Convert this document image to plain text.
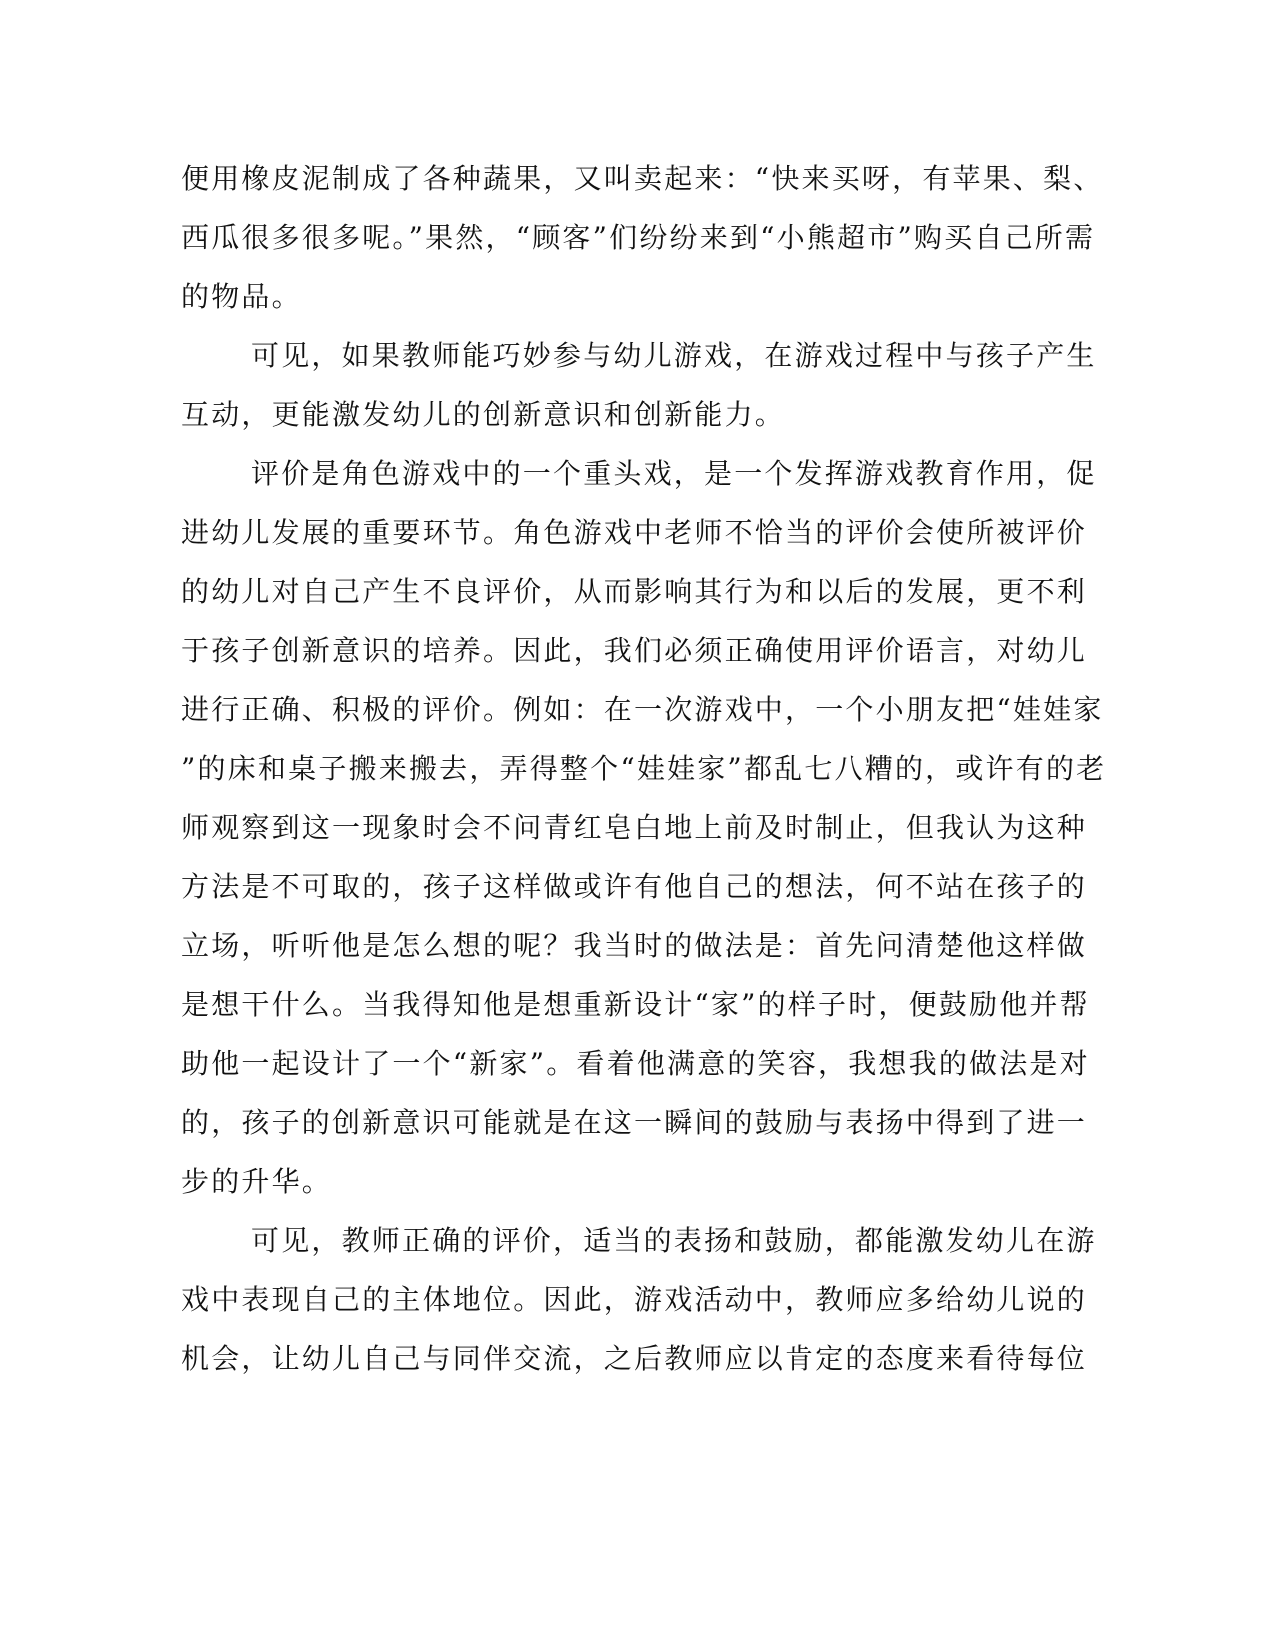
便用橡皮泥制成了各种蔬果，又叫卖起来：“快来买呀，有苹果、梨、
西瓜很多很多呢。”果然，“顾客”们纷纷来到“小熊超市”购买自己所需
的物品。
可见，如果教师能巧妙参与幼儿游戏，在游戏过程中与孩子产生
互动，更能激发幼儿的创新意识和创新能力。
评价是角色游戏中的一个重头戏，是一个发挥游戏教育作用，促
进幼儿发展的重要环节。角色游戏中老师不恰当的评价会使所被评价
的幼儿对自己产生不良评价，从而影响其行为和以后的发展，更不利
于孩子创新意识的培养。因此，我们必须正确使用评价语言，对幼儿
进行正确、积极的评价。例如：在一次游戏中，一个小朋友把“娃娃家
”的床和桌子搬来搬去，弄得整个“娃娃家”都乱七八糟的，或许有的老
师观察到这一现象时会不问青红皂白地上前及时制止，但我认为这种
方法是不可取的，孩子这样做或许有他自己的想法，何不站在孩子的
立场，听听他是怎么想的呢？我当时的做法是：首先问清楚他这样做
是想干什么。当我得知他是想重新设计“家”的样子时，便鼓励他并帮
助他一起设计了一个“新家”。看着他满意的笑容，我想我的做法是对
的，孩子的创新意识可能就是在这一瞬间的鼓励与表扬中得到了进一
步的升华。
可见，教师正确的评价，适当的表扬和鼓励，都能激发幼儿在游
戏中表现自己的主体地位。因此，游戏活动中，教师应多给幼儿说的
机会，让幼儿自己与同伴交流，之后教师应以肯定的态度来看待每位
